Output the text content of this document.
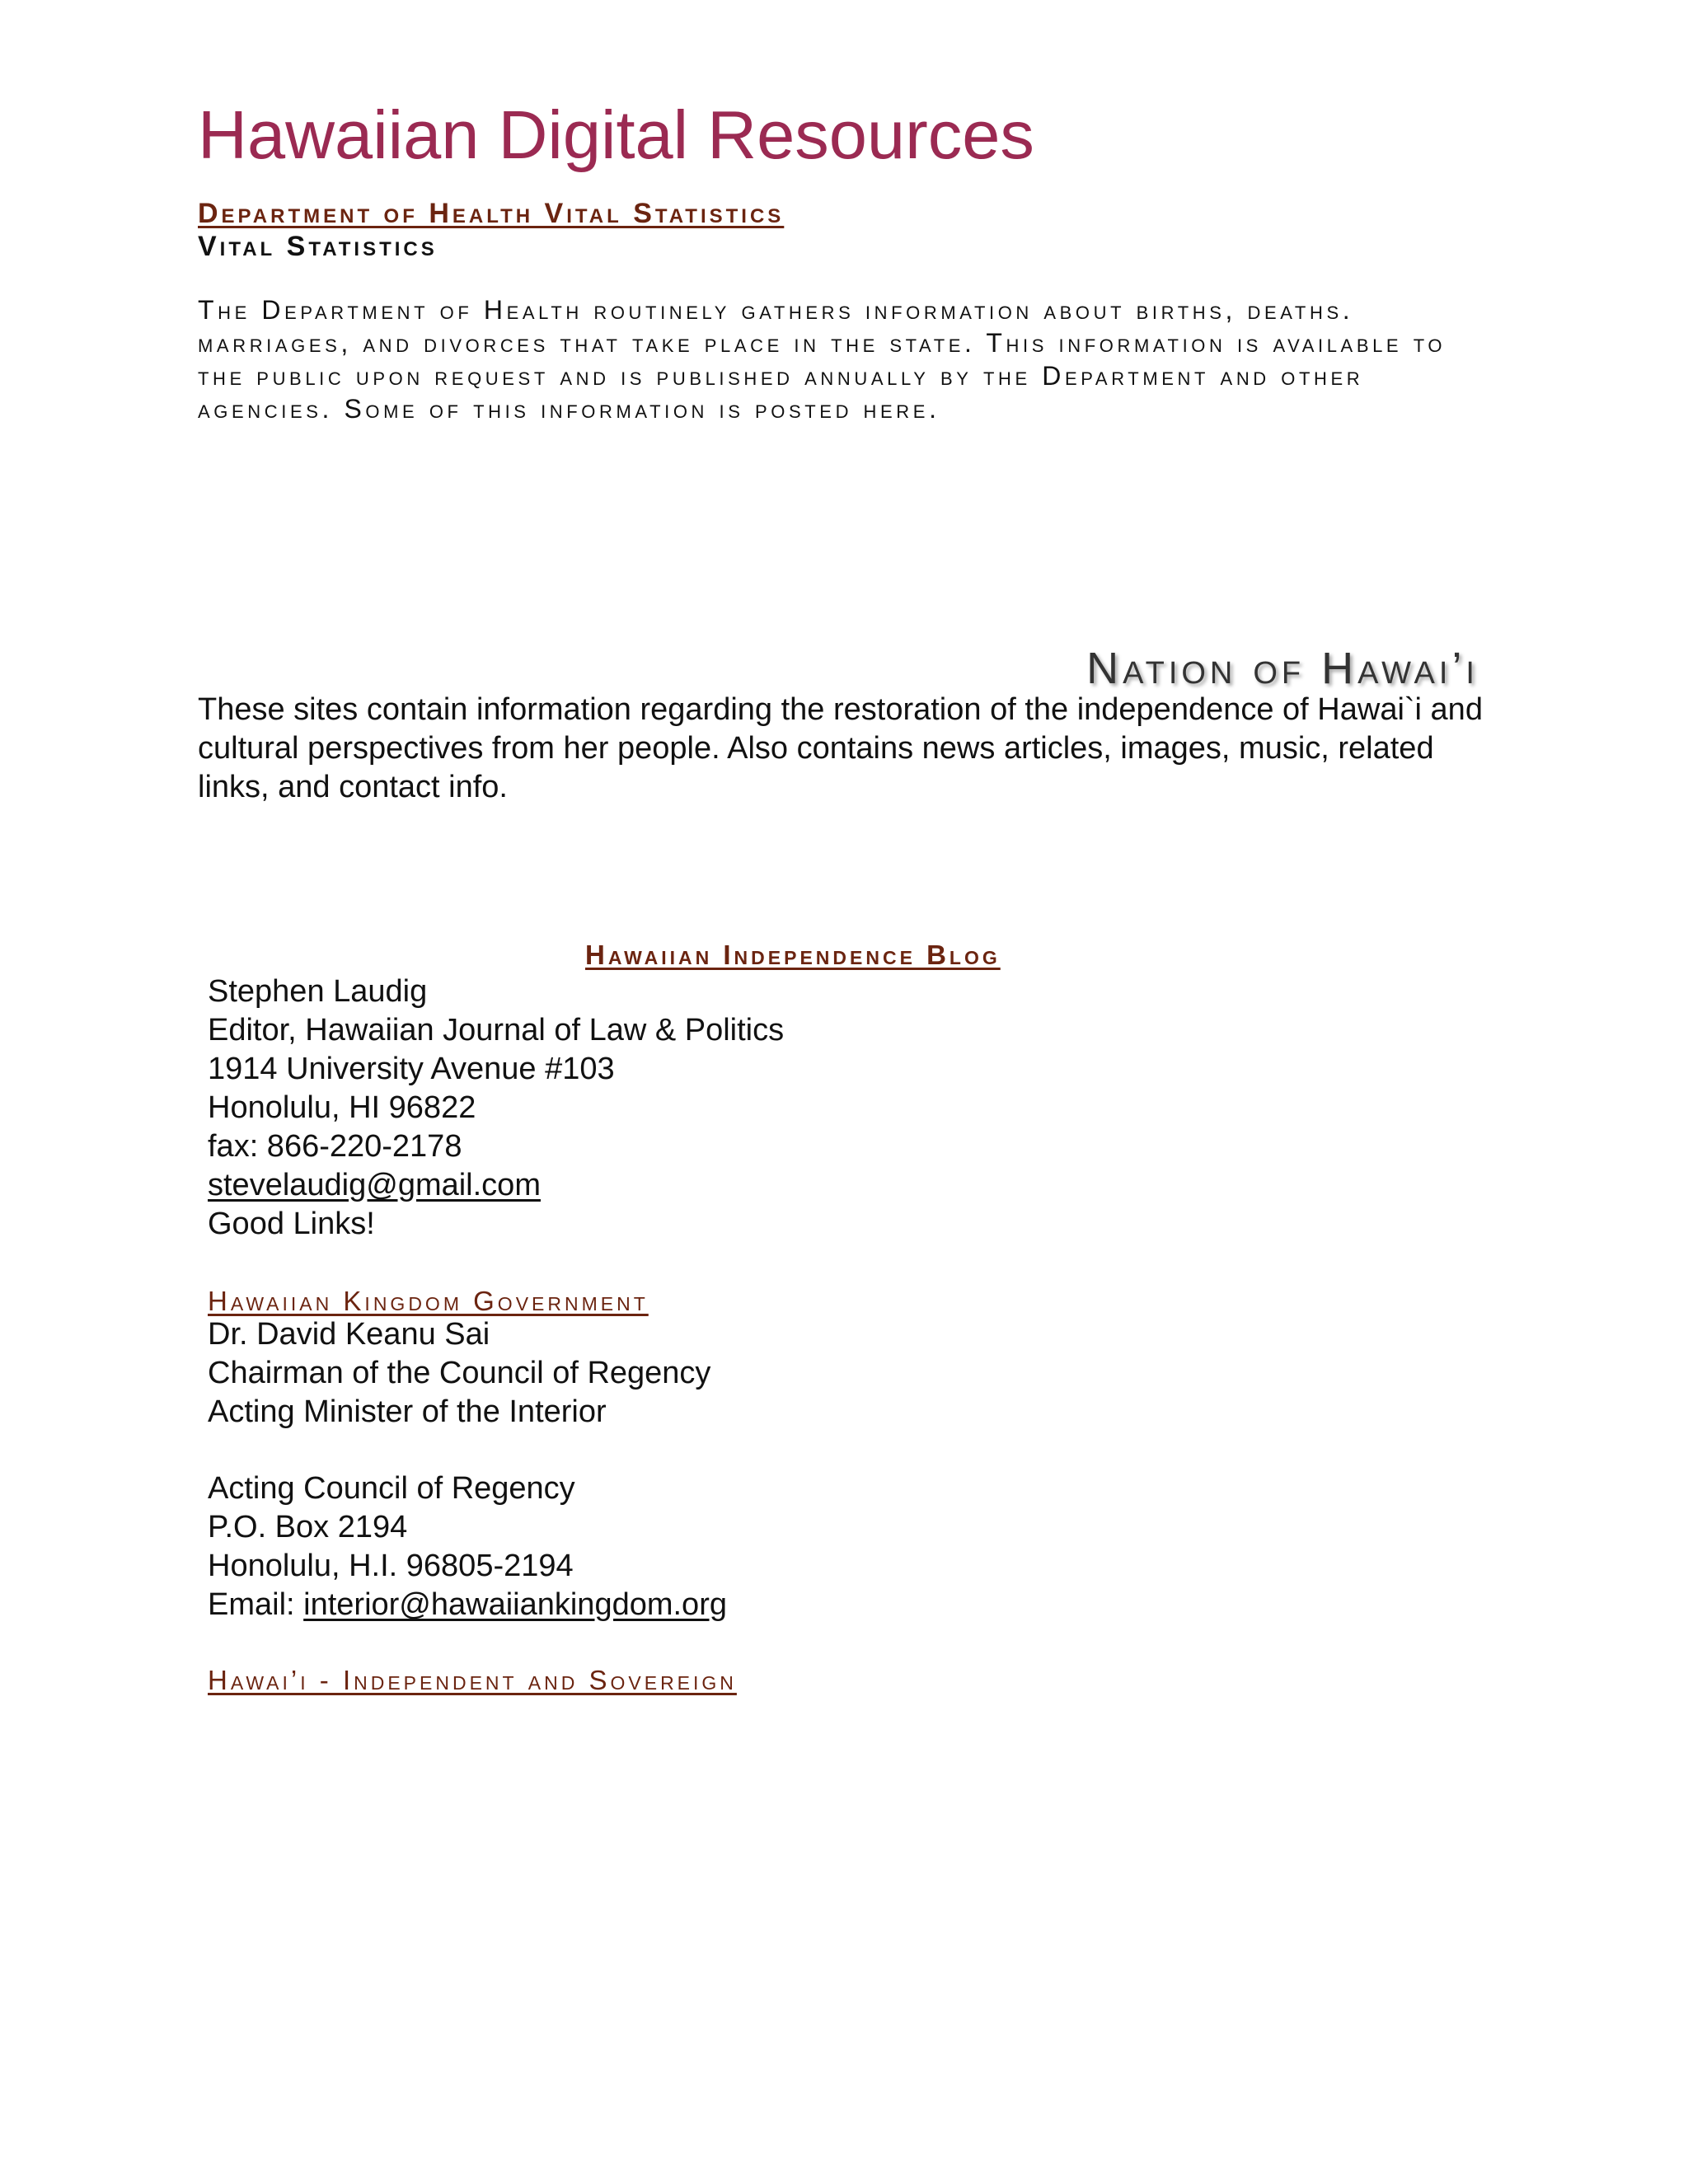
Hawaiian Digital Resources
Department of Health Vital Statistics
Vital Statistics
The Department of Health routinely gathers information about births, deaths. marriages, and divorces that take place in the state. This information is available to the public upon request and is published annually by the Department and other agencies. Some of this information is posted here.
Nation of Hawai’i
These sites contain information regarding the restoration of the independence of Hawai`i and cultural perspectives from her people. Also contains news articles, images, music, related links, and contact info.
Hawaiian Independence Blog
Stephen Laudig
Editor, Hawaiian Journal of Law & Politics
1914 University Avenue #103
Honolulu, HI 96822
fax: 866-220-2178
stevelaudig@gmail.com
Good Links!
Hawaiian Kingdom Government
Dr. David Keanu Sai
Chairman of the Council of Regency
Acting Minister of the Interior
Acting Council of Regency
P.O. Box 2194
Honolulu, H.I. 96805-2194
Email: interior@hawaiiankingdom.org
Hawai’i - Independent and Sovereign
